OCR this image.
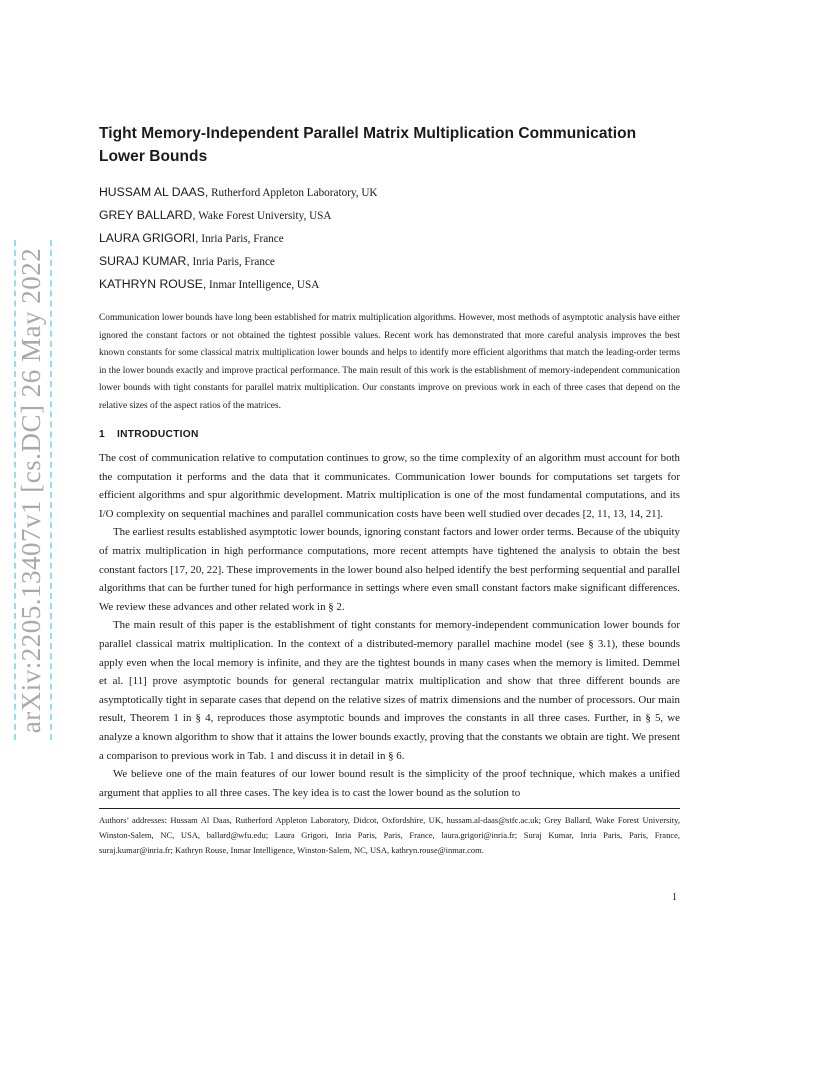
arXiv:2205.13407v1 [cs.DC] 26 May 2022
Tight Memory-Independent Parallel Matrix Multiplication Communication Lower Bounds
HUSSAM AL DAAS, Rutherford Appleton Laboratory, UK
GREY BALLARD, Wake Forest University, USA
LAURA GRIGORI, Inria Paris, France
SURAJ KUMAR, Inria Paris, France
KATHRYN ROUSE, Inmar Intelligence, USA

Communication lower bounds have long been established for matrix multiplication algorithms. However, most methods of asymptotic analysis have either ignored the constant factors or not obtained the tightest possible values. Recent work has demonstrated that more careful analysis improves the best known constants for some classical matrix multiplication lower bounds and helps to identify more efficient algorithms that match the leading-order terms in the lower bounds exactly and improve practical performance. The main result of this work is the establishment of memory-independent communication lower bounds with tight constants for parallel matrix multiplication. Our constants improve on previous work in each of three cases that depend on the relative sizes of the aspect ratios of the matrices.

1 INTRODUCTION

The cost of communication relative to computation continues to grow, so the time complexity of an algorithm must account for both the computation it performs and the data that it communicates. Communication lower bounds for computations set targets for efficient algorithms and spur algorithmic development. Matrix multiplication is one of the most fundamental computations, and its I/O complexity on sequential machines and parallel communication costs have been well studied over decades [2, 11, 13, 14, 21].

The earliest results established asymptotic lower bounds, ignoring constant factors and lower order terms. Because of the ubiquity of matrix multiplication in high performance computations, more recent attempts have tightened the analysis to obtain the best constant factors [17, 20, 22]. These improvements in the lower bound also helped identify the best performing sequential and parallel algorithms that can be further tuned for high performance in settings where even small constant factors make significant differences. We review these advances and other related work in § 2.

The main result of this paper is the establishment of tight constants for memory-independent communication lower bounds for parallel classical matrix multiplication. In the context of a distributed-memory parallel machine model (see § 3.1), these bounds apply even when the local memory is infinite, and they are the tightest bounds in many cases when the memory is limited. Demmel et al. [11] prove asymptotic bounds for general rectangular matrix multiplication and show that three different bounds are asymptotically tight in separate cases that depend on the relative sizes of matrix dimensions and the number of processors. Our main result, Theorem 1 in § 4, reproduces those asymptotic bounds and improves the constants in all three cases. Further, in § 5, we analyze a known algorithm to show that it attains the lower bounds exactly, proving that the constants we obtain are tight. We present a comparison to previous work in Tab. 1 and discuss it in detail in § 6.

We believe one of the main features of our lower bound result is the simplicity of the proof technique, which makes a unified argument that applies to all three cases. The key idea is to cast the lower bound as the solution to

Authors’ addresses: Hussam Al Daas, Rutherford Appleton Laboratory, Didcot, Oxfordshire, UK, hussam.al-daas@stfc.ac.uk; Grey Ballard, Wake Forest University, Winston-Salem, NC, USA, ballard@wfu.edu; Laura Grigori, Inria Paris, Paris, France, laura.grigori@inria.fr; Suraj Kumar, Inria Paris, Paris, France, suraj.kumar@inria.fr; Kathryn Rouse, Inmar Intelligence, Winston-Salem, NC, USA, kathryn.rouse@inmar.com.

1
